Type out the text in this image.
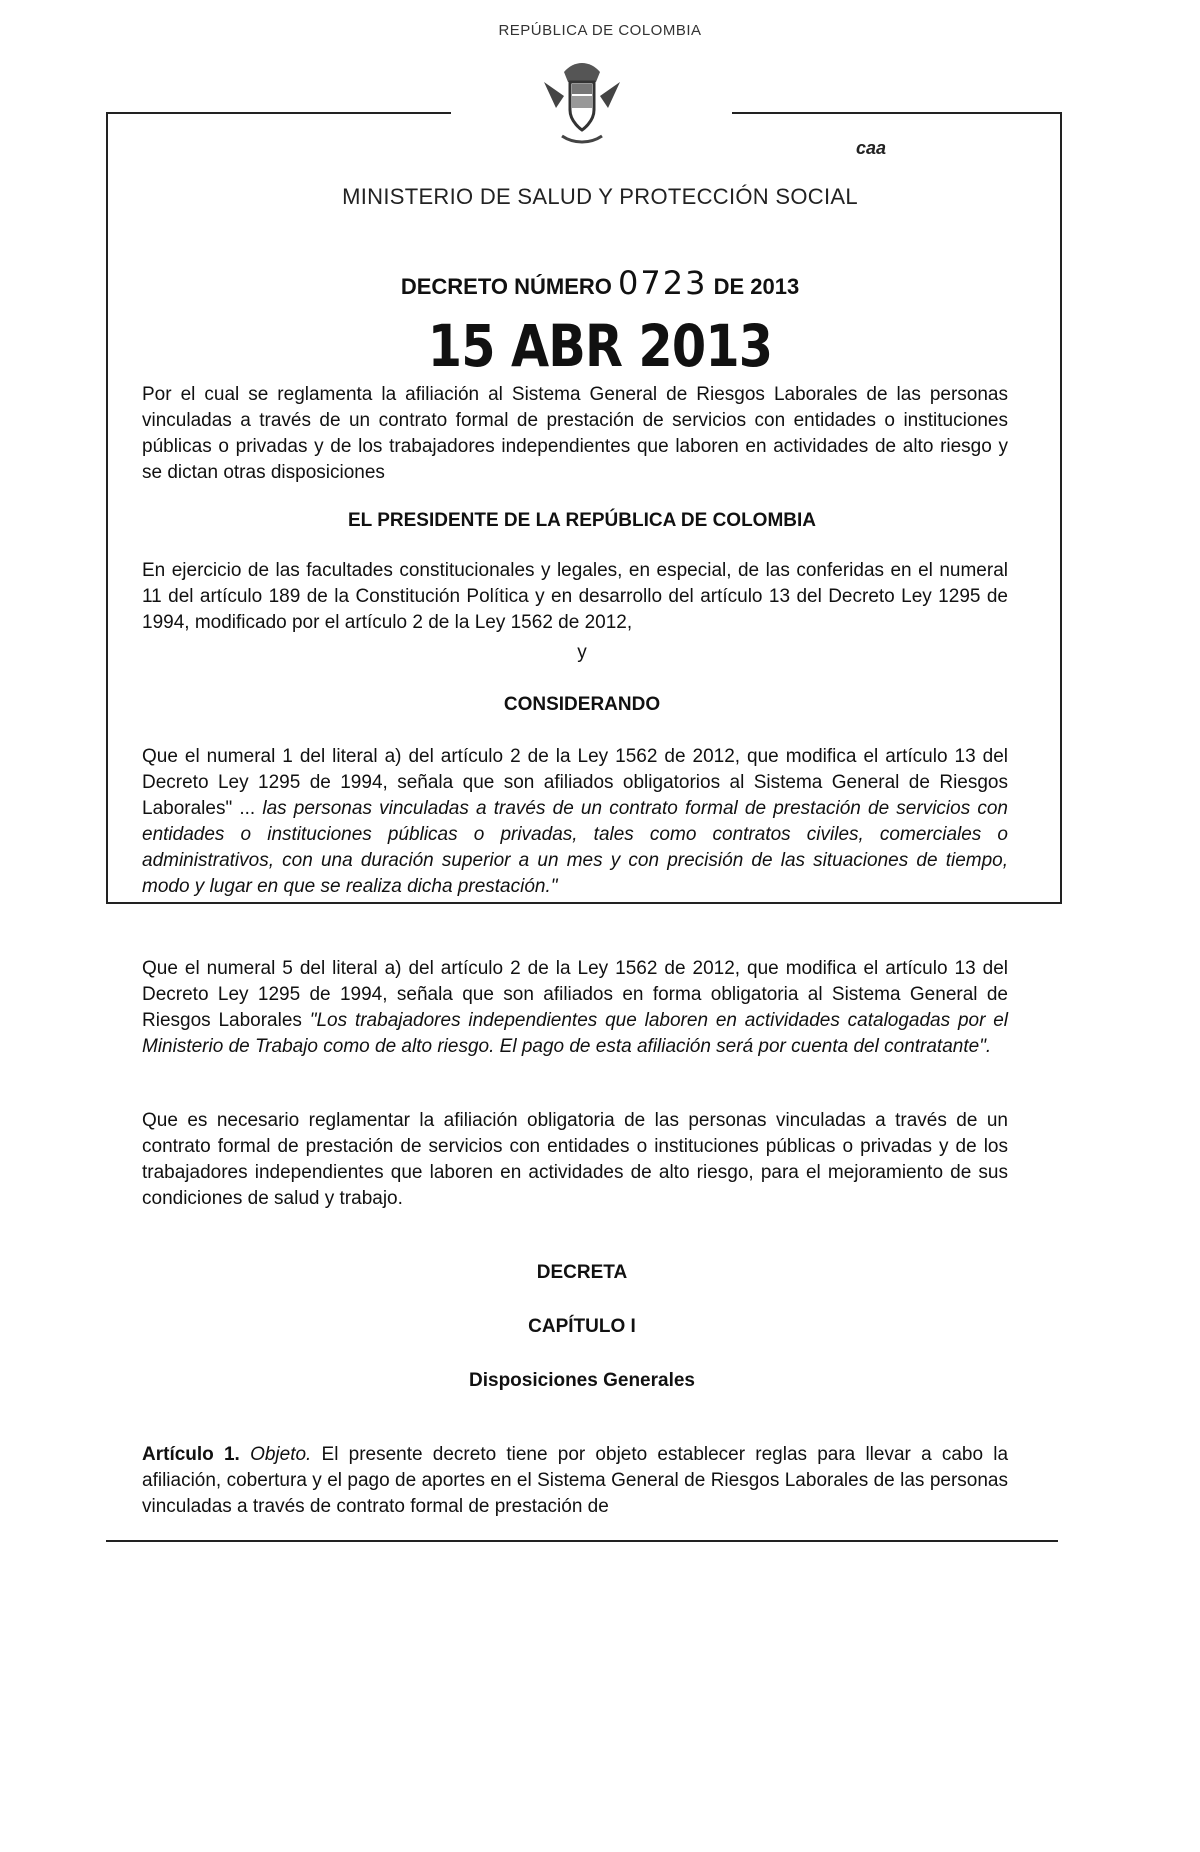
REPÚBLICA DE COLOMBIA
caa
MINISTERIO DE SALUD Y PROTECCIÓN SOCIAL
DECRETO NÚMERO 0723 DE 2013
15 ABR 2013
Por el cual se reglamenta la afiliación al Sistema General de Riesgos Laborales de las personas vinculadas a través de un contrato formal de prestación de servicios con entidades o instituciones públicas o privadas y de los trabajadores independientes que laboren en actividades de alto riesgo y se dictan otras disposiciones
EL PRESIDENTE DE LA REPÚBLICA DE COLOMBIA
En ejercicio de las facultades constitucionales y legales, en especial, de las conferidas en el numeral 11 del artículo 189 de la Constitución Política y en desarrollo del artículo 13 del Decreto Ley 1295 de 1994, modificado por el artículo 2 de la Ley 1562 de 2012,
y
CONSIDERANDO
Que el numeral 1 del literal a) del artículo 2 de la Ley 1562 de 2012, que modifica el artículo 13 del Decreto Ley 1295 de 1994, señala que son afiliados obligatorios al Sistema General de Riesgos Laborales" ... las personas vinculadas a través de un contrato formal de prestación de servicios con entidades o instituciones públicas o privadas, tales como contratos civiles, comerciales o administrativos, con una duración superior a un mes y con precisión de las situaciones de tiempo, modo y lugar en que se realiza dicha prestación."
Que el numeral 5 del literal a) del artículo 2 de la Ley 1562 de 2012, que modifica el artículo 13 del Decreto Ley 1295 de 1994, señala que son afiliados en forma obligatoria al Sistema General de Riesgos Laborales "Los trabajadores independientes que laboren en actividades catalogadas por el Ministerio de Trabajo como de alto riesgo. El pago de esta afiliación será por cuenta del contratante".
Que es necesario reglamentar la afiliación obligatoria de las personas vinculadas a través de un contrato formal de prestación de servicios con entidades o instituciones públicas o privadas y de los trabajadores independientes que laboren en actividades de alto riesgo, para el mejoramiento de sus condiciones de salud y trabajo.
DECRETA
CAPÍTULO I
Disposiciones Generales
Artículo 1. Objeto. El presente decreto tiene por objeto establecer reglas para llevar a cabo la afiliación, cobertura y el pago de aportes en el Sistema General de Riesgos Laborales de las personas vinculadas a través de contrato formal de prestación de
